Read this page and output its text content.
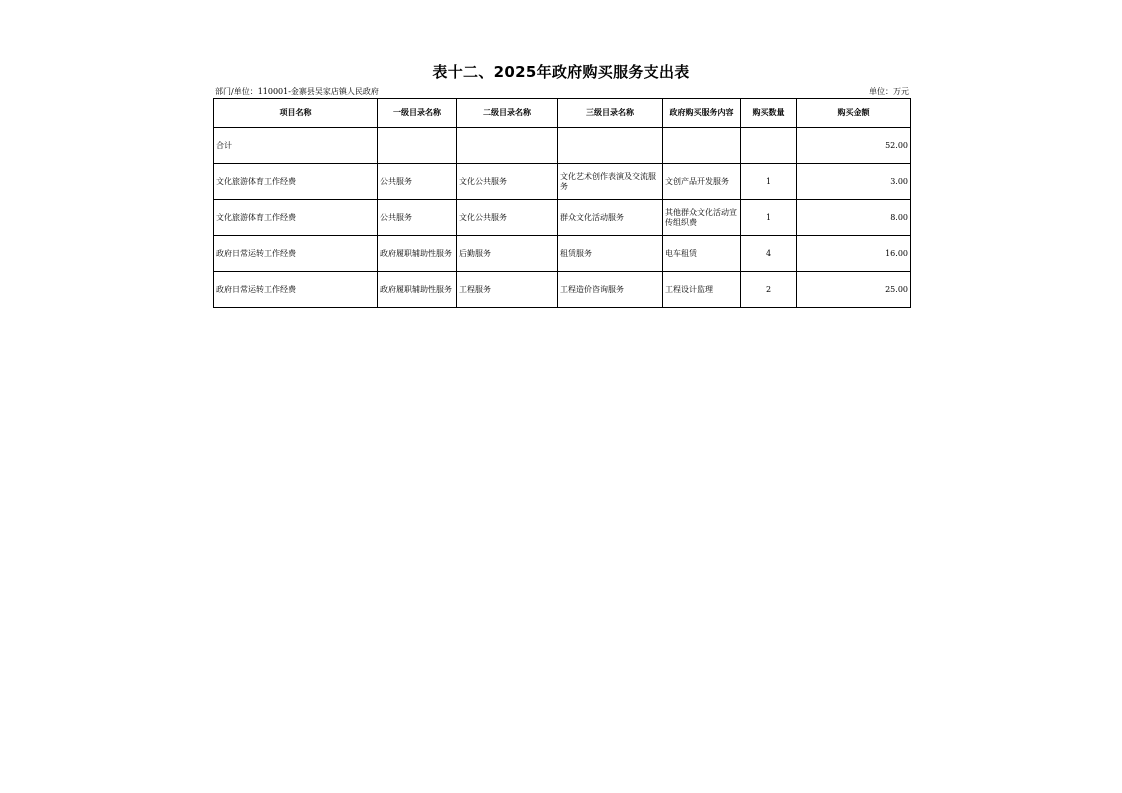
表十二、2025年政府购买服务支出表
部门/单位：110001-金寨县吴家店镇人民政府	单位：万元
项目名称	一级目录名称	二级目录名称	三级目录名称	政府购买服务内容	购买数量	购买金额
合计						52.00
文化旅游体育工作经费	公共服务	文化公共服务	文化艺术创作表演及交流服务	文创产品开发服务	1	3.00
文化旅游体育工作经费	公共服务	文化公共服务	群众文化活动服务	其他群众文化活动宣传组织费	1	8.00
政府日常运转工作经费	政府履职辅助性服务	后勤服务	租赁服务	电车租赁	4	16.00
政府日常运转工作经费	政府履职辅助性服务	工程服务	工程造价咨询服务	工程设计监理	2	25.00
